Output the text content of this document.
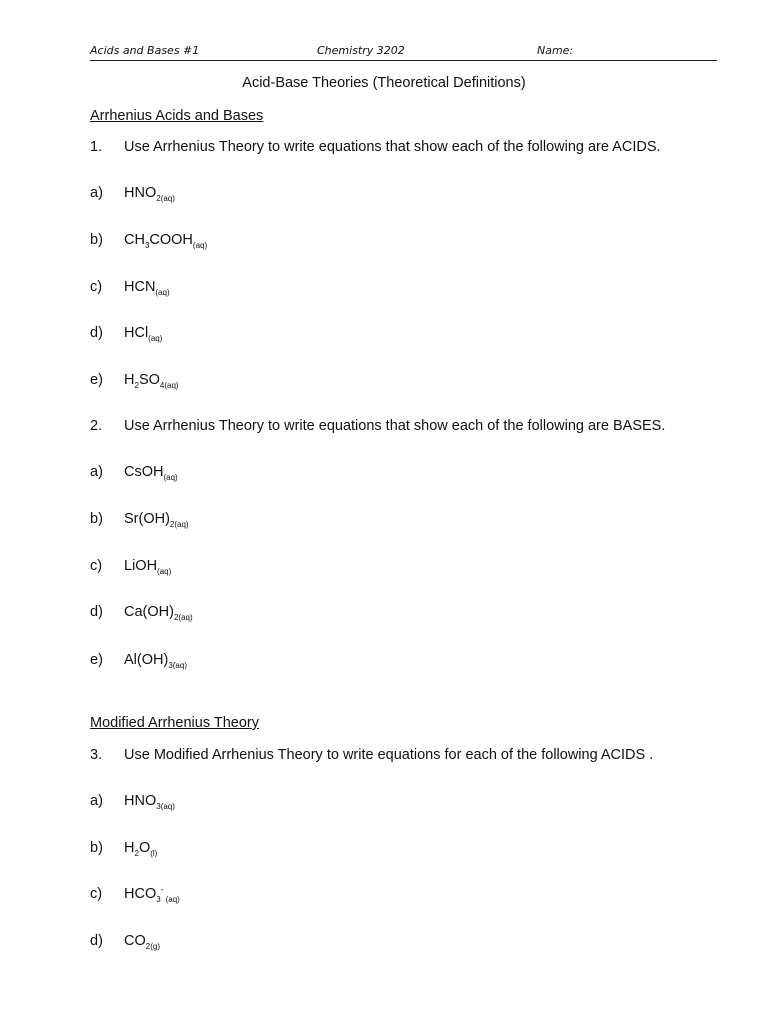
Acids and Bases #1	Chemistry 3202	Name:
Acid-Base Theories (Theoretical Definitions)
Arrhenius Acids and Bases
1. Use Arrhenius Theory to write equations that show each of the following are ACIDS.
a) $HNO_{2(aq)}$
b) $CH_3COOH_{(aq)}$
c) $HCN_{(aq)}$
d) HCl$_{(aq)}$
e) $H_2SO_{4(aq)}$
2. Use Arrhenius Theory to write equations that show each of the following are BASES.
a) CsOH$_{(aq)}$
b) $Sr(OH)_{2(aq)}$
c) LiOH$_{(aq)}$
d) $Ca(OH)_{2(aq)}$
e) $Al(OH)_{3(aq)}$
Modified Arrhenius Theory
3. Use Modified Arrhenius Theory to write equations for each of the following ACIDS .
a) $HNO_{3(aq)}$
b) $H_2O_{(l)}$
c) $HCO_3^-$ $_{(aq)}$
d) $CO_{2(g)}$
